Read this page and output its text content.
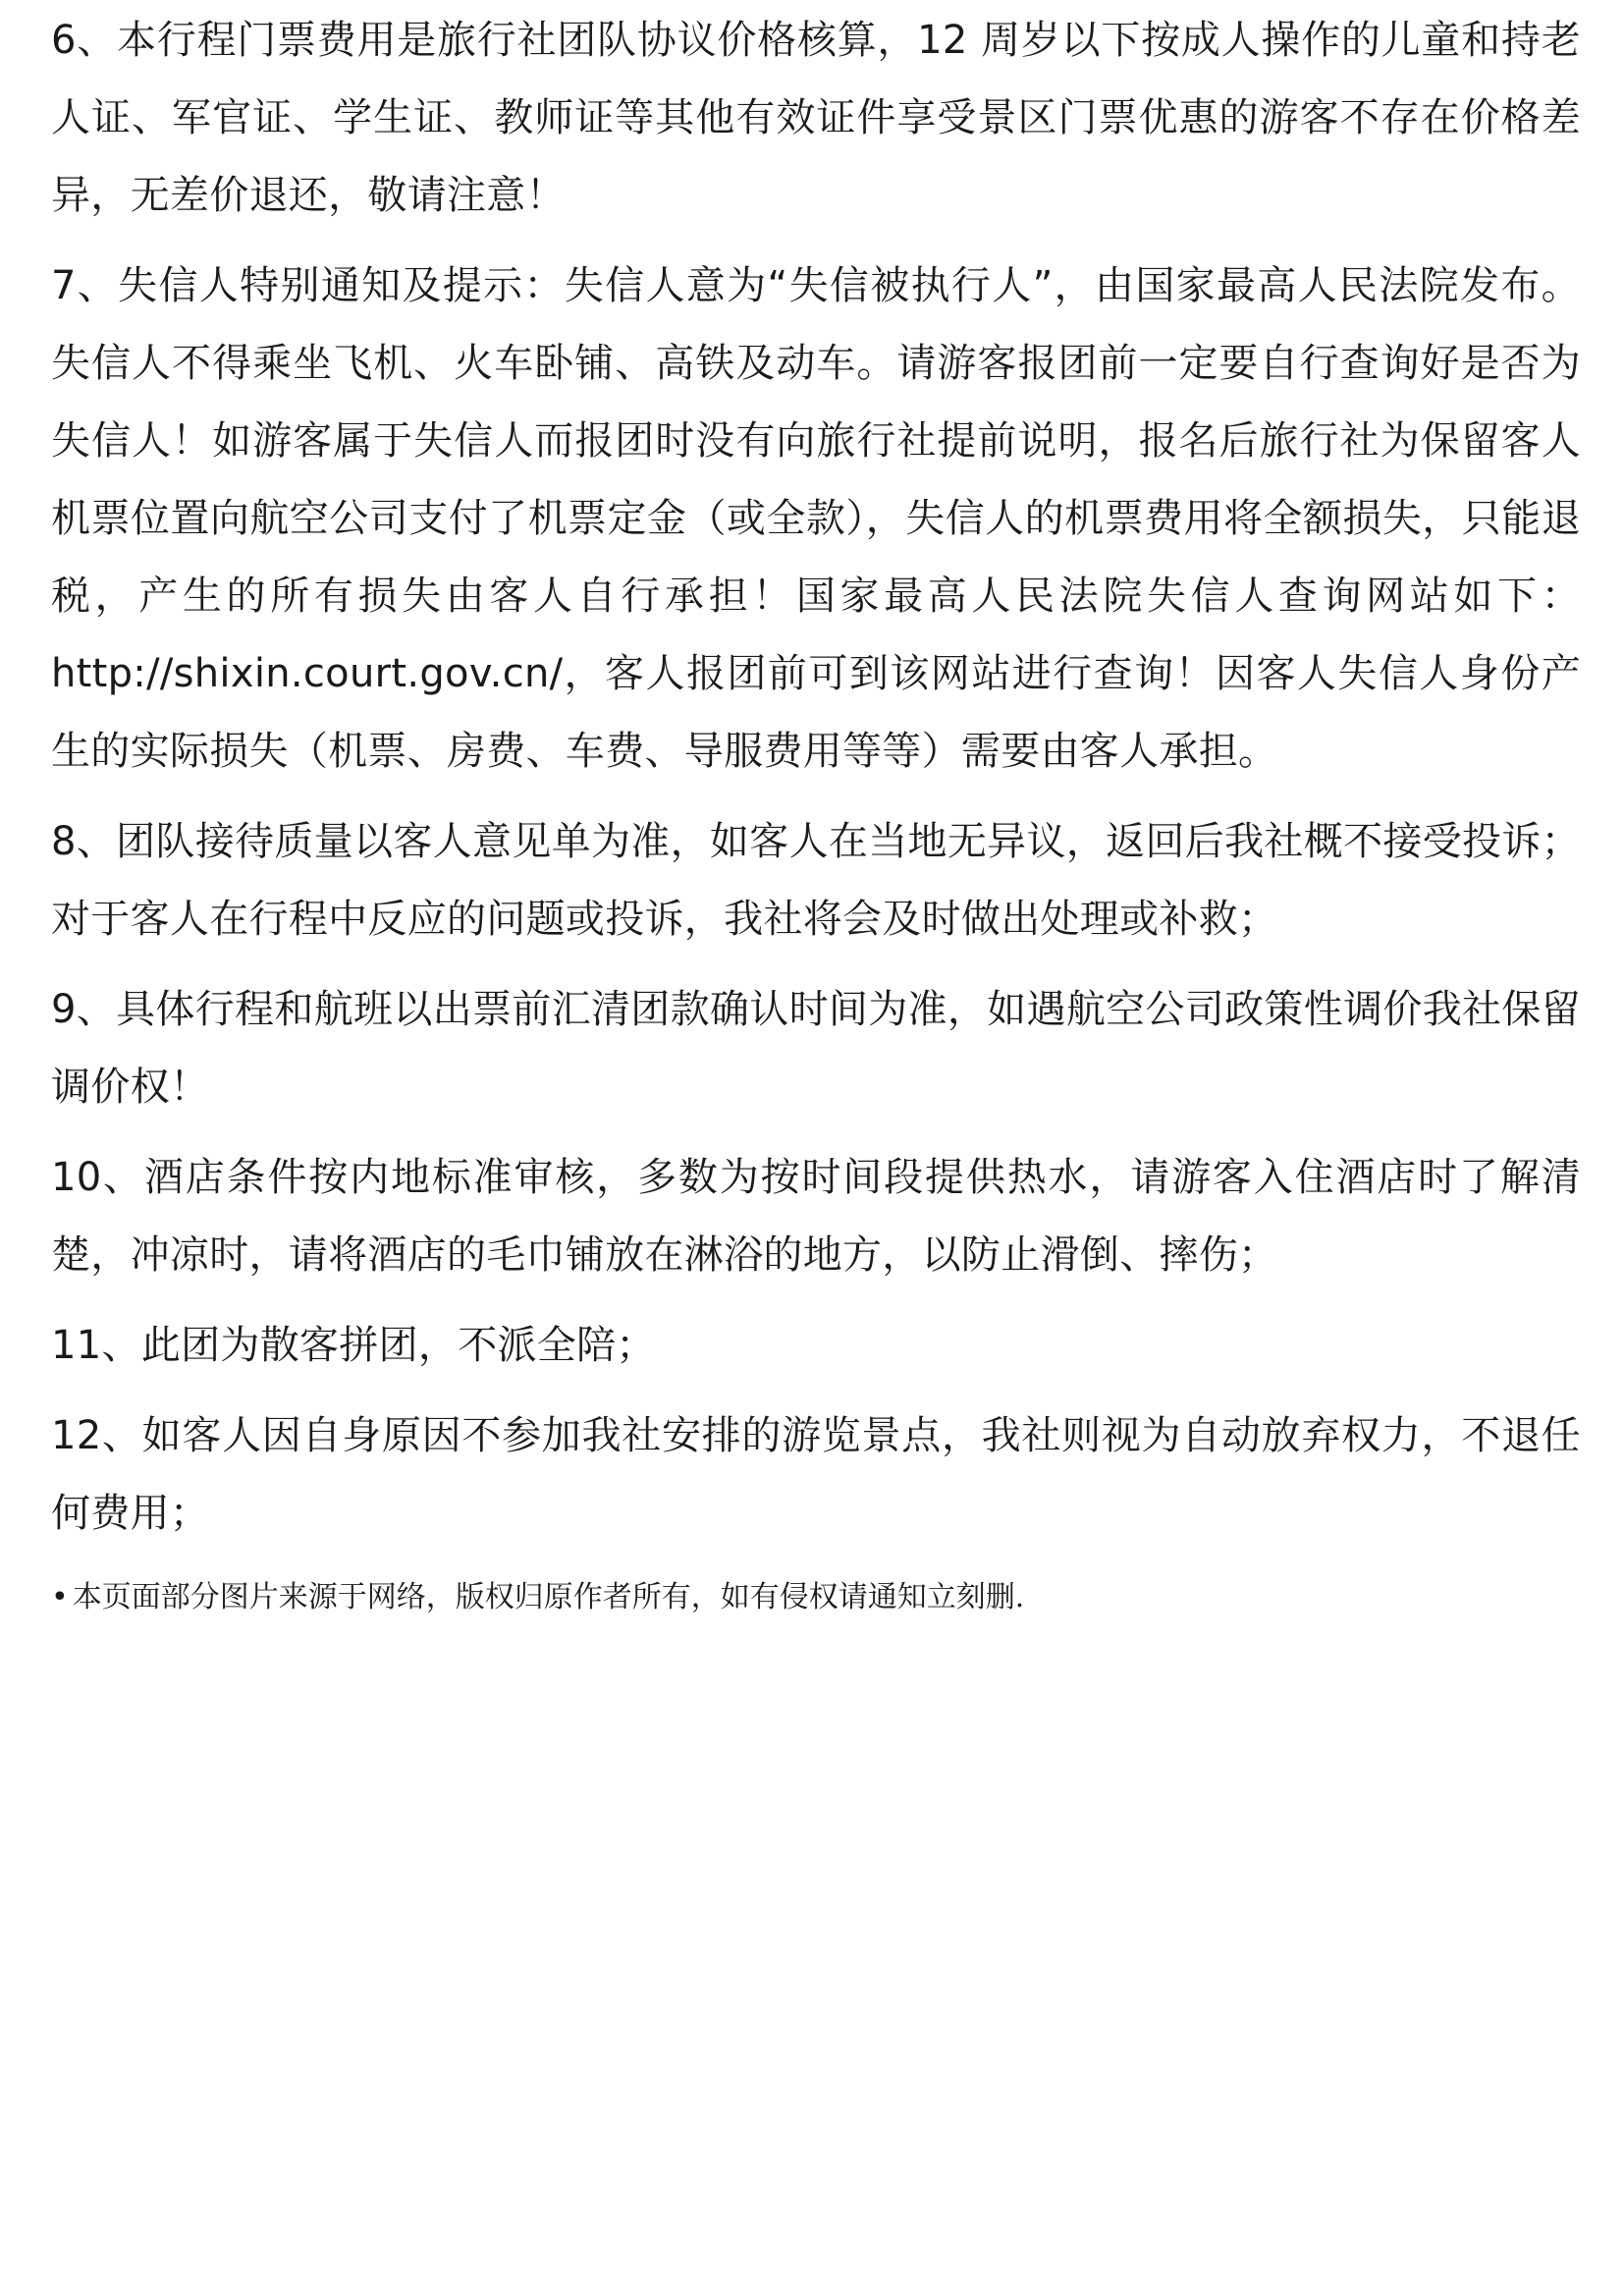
6、本行程门票费用是旅行社团队协议价格核算，12 周岁以下按成人操作的儿童和持老人证、军官证、学生证、教师证等其他有效证件享受景区门票优惠的游客不存在价格差异，无差价退还，敬请注意！

7、失信人特别通知及提示：失信人意为“失信被执行人”，由国家最高人民法院发布。失信人不得乘坐飞机、火车卧铺、高铁及动车。请游客报团前一定要自行查询好是否为失信人！如游客属于失信人而报团时没有向旅行社提前说明，报名后旅行社为保留客人机票位置向航空公司支付了机票定金（或全款），失信人的机票费用将全额损失，只能退税，产生的所有损失由客人自行承担！国家最高人民法院失信人查询网站如下： http://shixin.court.gov.cn/，客人报团前可到该网站进行查询！因客人失信人身份产生的实际损失（机票、房费、车费、导服费用等等）需要由客人承担。

8、团队接待质量以客人意见单为准，如客人在当地无异议，返回后我社概不接受投诉；对于客人在行程中反应的问题或投诉，我社将会及时做出处理或补救；

9、具体行程和航班以出票前汇清团款确认时间为准，如遇航空公司政策性调价我社保留调价权！

10、酒店条件按内地标准审核，多数为按时间段提供热水，请游客入住酒店时了解清楚，冲凉时，请将酒店的毛巾铺放在淋浴的地方，以防止滑倒、摔伤；

11、此团为散客拼团，不派全陪；

12、如客人因自身原因不参加我社安排的游览景点，我社则视为自动放弃权力，不退任何费用；

• 本页面部分图片来源于网络，版权归原作者所有，如有侵权请通知立刻删.
